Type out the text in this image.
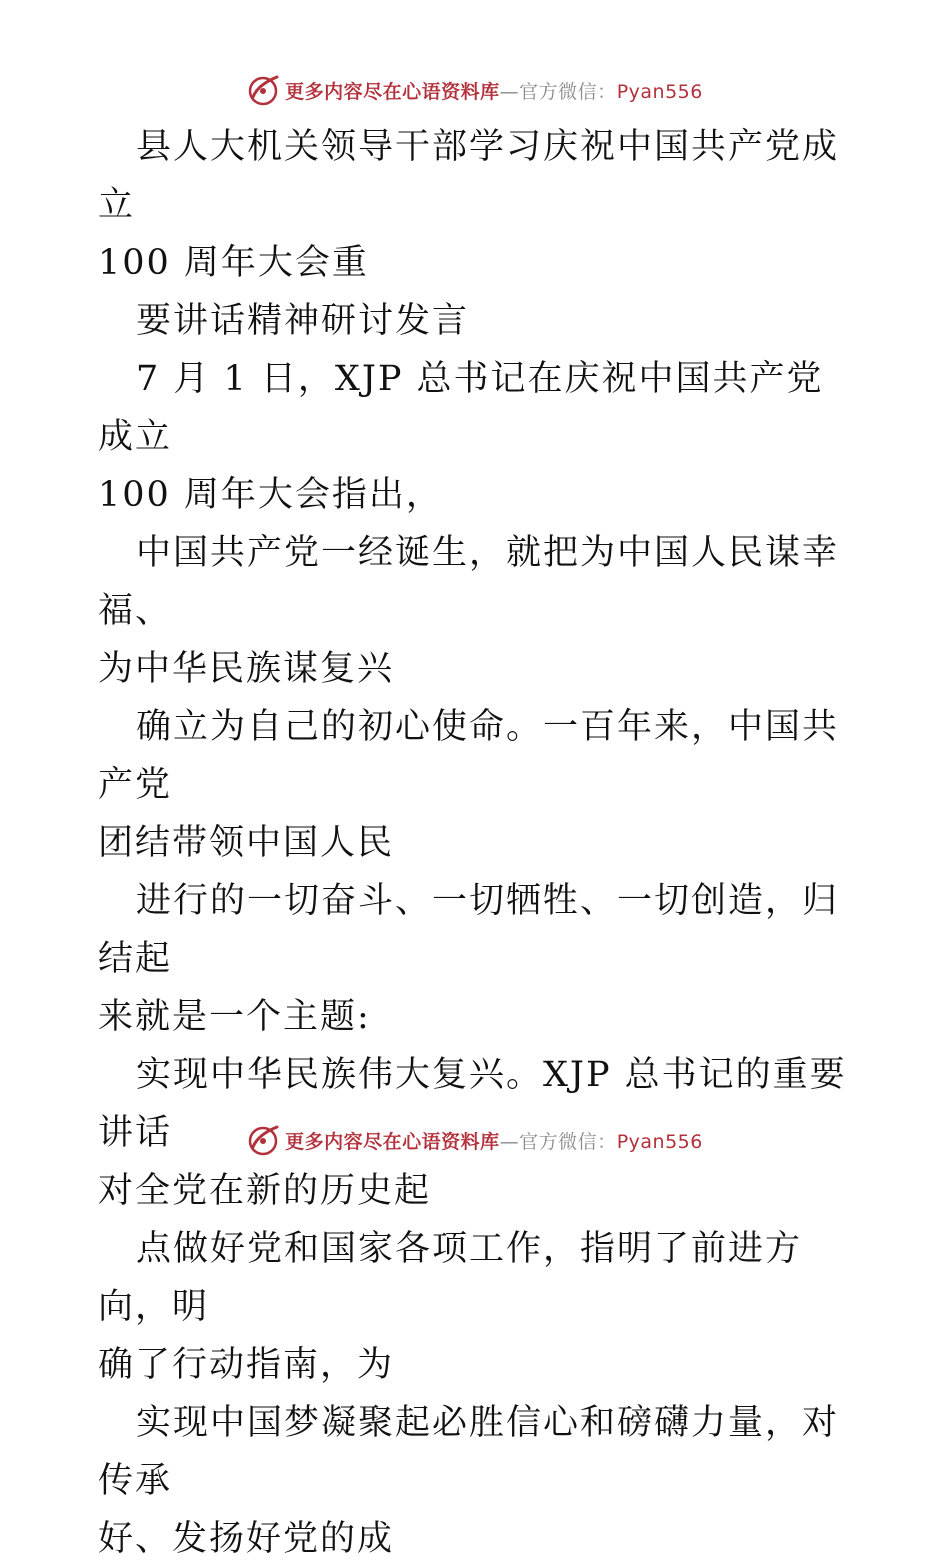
更多内容尽在心语资料库—官方微信：Pyan556

县人大机关领导干部学习庆祝中国共产党成立
100 周年大会重

要讲话精神研讨发言

7 月 1 日，XJP 总书记在庆祝中国共产党成立
100 周年大会指出，

中国共产党一经诞生，就把为中国人民谋幸福、
为中华民族谋复兴

确立为自己的初心使命。一百年来，中国共产党
团结带领中国人民

进行的一切奋斗、一切牺牲、一切创造，归结起
来就是一个主题:

实现中华民族伟大复兴。XJP 总书记的重要讲话
对全党在新的历史起

点做好党和国家各项工作，指明了前进方向，明
确了行动指南，为

实现中国梦凝聚起必胜信心和磅礴力量，对传承
好、发扬好党的成

更多内容尽在心语资料库—官方微信：Pyan556
